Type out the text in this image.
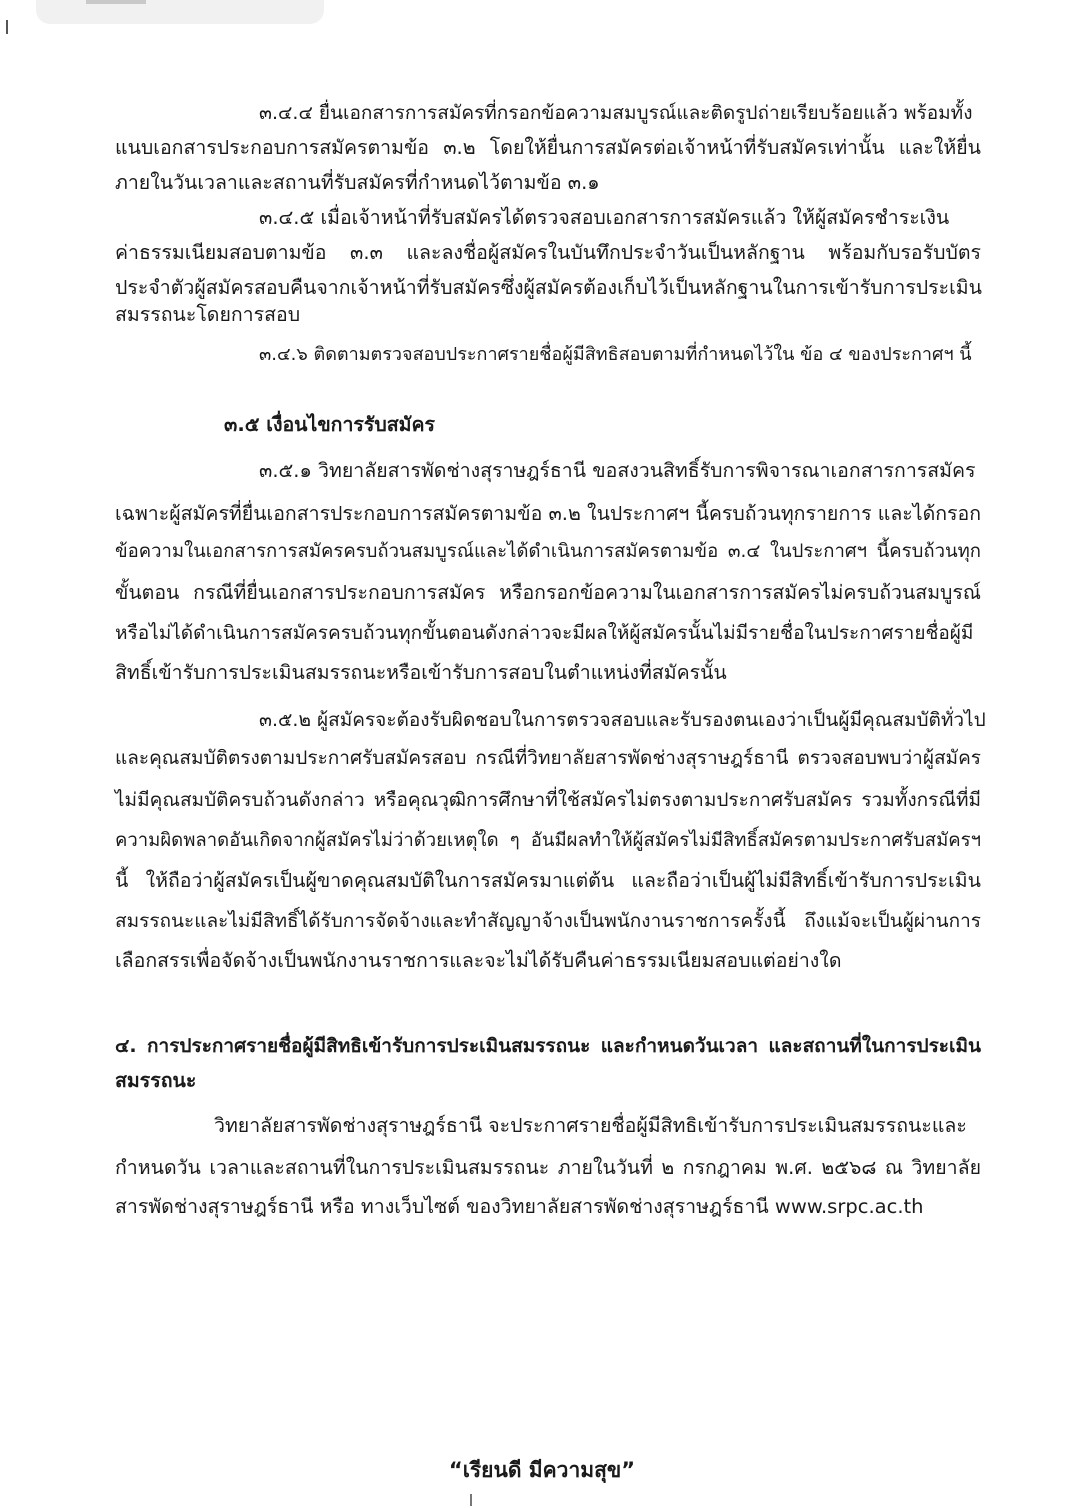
๓.๔.๔ ยื่นเอกสารการสมัครที่กรอกข้อความสมบูรณ์และติดรูปถ่ายเรียบร้อยแล้ว พร้อมทั้ง

แนบเอกสารประกอบการสมัครตามข้อ ๓.๒ โดยให้ยื่นการสมัครต่อเจ้าหน้าที่รับสมัครเท่านั้น และให้ยื่น

ภายในวันเวลาและสถานที่รับสมัครที่กำหนดไว้ตามข้อ ๓.๑

๓.๔.๕ เมื่อเจ้าหน้าที่รับสมัครได้ตรวจสอบเอกสารการสมัครแล้ว ให้ผู้สมัครชำระเงิน

ค่าธรรมเนียมสอบตามข้อ ๓.๓ และลงชื่อผู้สมัครในบันทึกประจำวันเป็นหลักฐาน พร้อมกับรอรับบัตร

ประจำตัวผู้สมัครสอบคืนจากเจ้าหน้าที่รับสมัครซึ่งผู้สมัครต้องเก็บไว้เป็นหลักฐานในการเข้ารับการประเมิน

สมรรถนะโดยการสอบ

๓.๔.๖ ติดตามตรวจสอบประกาศรายชื่อผู้มีสิทธิสอบตามที่กำหนดไว้ใน ข้อ ๔ ของประกาศฯ นี้

๓.๕ เงื่อนไขการรับสมัคร

๓.๕.๑ วิทยาลัยสารพัดช่างสุราษฎร์ธานี ขอสงวนสิทธิ์รับการพิจารณาเอกสารการสมัคร

เฉพาะผู้สมัครที่ยื่นเอกสารประกอบการสมัครตามข้อ ๓.๒ ในประกาศฯ นี้ครบถ้วนทุกรายการ และได้กรอก

ข้อความในเอกสารการสมัครครบถ้วนสมบูรณ์และได้ดำเนินการสมัครตามข้อ ๓.๔ ในประกาศฯ นี้ครบถ้วนทุก

ขั้นตอน กรณีที่ยื่นเอกสารประกอบการสมัคร หรือกรอกข้อความในเอกสารการสมัครไม่ครบถ้วนสมบูรณ์

หรือไม่ได้ดำเนินการสมัครครบถ้วนทุกขั้นตอนดังกล่าวจะมีผลให้ผู้สมัครนั้นไม่มีรายชื่อในประกาศรายชื่อผู้มี

สิทธิ์เข้ารับการประเมินสมรรถนะหรือเข้ารับการสอบในตำแหน่งที่สมัครนั้น

๓.๕.๒ ผู้สมัครจะต้องรับผิดชอบในการตรวจสอบและรับรองตนเองว่าเป็นผู้มีคุณสมบัติทั่วไป

และคุณสมบัติตรงตามประกาศรับสมัครสอบ กรณีที่วิทยาลัยสารพัดช่างสุราษฎร์ธานี ตรวจสอบพบว่าผู้สมัคร

ไม่มีคุณสมบัติครบถ้วนดังกล่าว หรือคุณวุฒิการศึกษาที่ใช้สมัครไม่ตรงตามประกาศรับสมัคร รวมทั้งกรณีที่มี

ความผิดพลาดอันเกิดจากผู้สมัครไม่ว่าด้วยเหตุใด ๆ อันมีผลทำให้ผู้สมัครไม่มีสิทธิ์สมัครตามประกาศรับสมัครฯ

นี้ ให้ถือว่าผู้สมัครเป็นผู้ขาดคุณสมบัติในการสมัครมาแต่ต้น และถือว่าเป็นผู้ไม่มีสิทธิ์เข้ารับการประเมิน

สมรรถนะและไม่มีสิทธิ์ได้รับการจัดจ้างและทำสัญญาจ้างเป็นพนักงานราชการครั้งนี้ ถึงแม้จะเป็นผู้ผ่านการ

เลือกสรรเพื่อจัดจ้างเป็นพนักงานราชการและจะไม่ได้รับคืนค่าธรรมเนียมสอบแต่อย่างใด

๔. การประกาศรายชื่อผู้มีสิทธิเข้ารับการประเมินสมรรถนะ และกำหนดวันเวลา และสถานที่ในการประเมิน

สมรรถนะ

วิทยาลัยสารพัดช่างสุราษฎร์ธานี จะประกาศรายชื่อผู้มีสิทธิเข้ารับการประเมินสมรรถนะและ

กำหนดวัน เวลาและสถานที่ในการประเมินสมรรถนะ ภายในวันที่ ๒ กรกฎาคม พ.ศ. ๒๕๖๘ ณ วิทยาลัย

สารพัดช่างสุราษฎร์ธานี หรือ ทางเว็บไซต์ ของวิทยาลัยสารพัดช่างสุราษฎร์ธานี www.srpc.ac.th

“เรียนดี มีความสุข”
